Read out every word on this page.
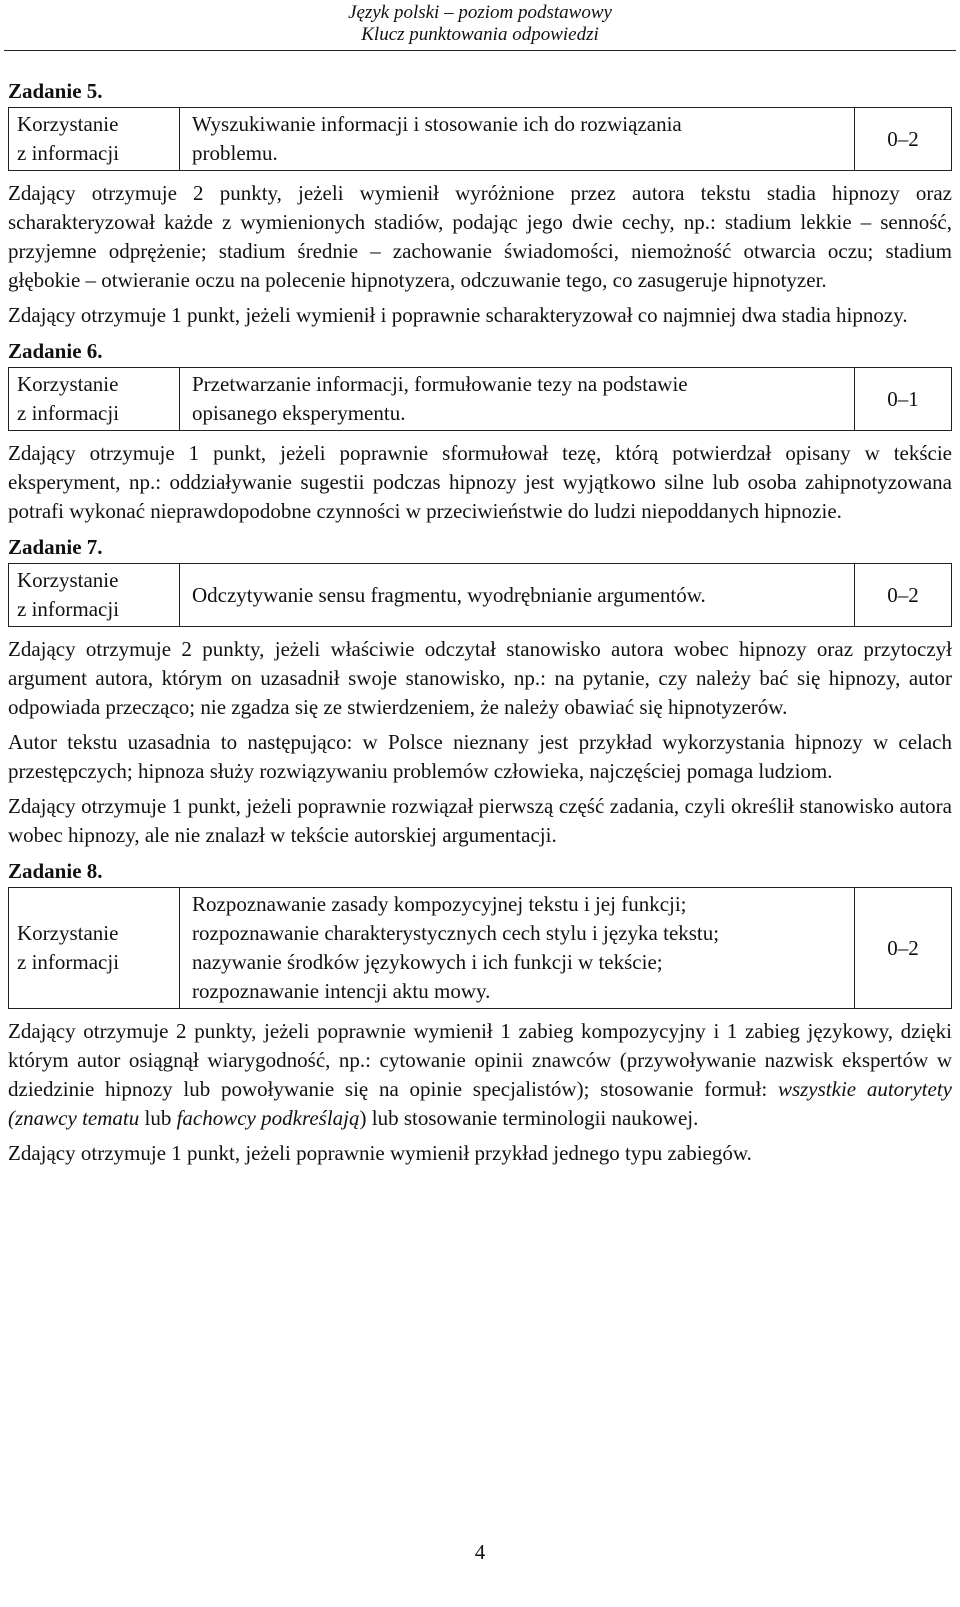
Język polski – poziom podstawowy
Klucz punktowania odpowiedzi
Zadanie 5.
Korzystanie
z informacji
Wyszukiwanie informacji i stosowanie ich do rozwiązania
problemu.
0–2

Zdający otrzymuje 2 punkty, jeżeli wymienił wyróżnione przez autora tekstu stadia hipnozy oraz scharakteryzował każde z wymienionych stadiów, podając jego dwie cechy, np.: stadium lekkie – senność, przyjemne odprężenie; stadium średnie – zachowanie świadomości, niemożność otwarcia oczu; stadium głębokie – otwieranie oczu na polecenie hipnotyzera, odczuwanie tego, co zasugeruje hipnotyzer.

Zdający otrzymuje 1 punkt, jeżeli wymienił i poprawnie scharakteryzował co najmniej dwa stadia hipnozy.

Zadanie 6.
Korzystanie
z informacji
Przetwarzanie informacji, formułowanie tezy na podstawie
opisanego eksperymentu.
0–1

Zdający otrzymuje 1 punkt, jeżeli poprawnie sformułował tezę, którą potwierdzał opisany w tekście eksperyment, np.: oddziaływanie sugestii podczas hipnozy jest wyjątkowo silne lub osoba zahipnotyzowana potrafi wykonać nieprawdopodobne czynności w przeciwieństwie do ludzi niepoddanych hipnozie.

Zadanie 7.
Korzystanie
z informacji
Odczytywanie sensu fragmentu, wyodrębnianie argumentów.	0–2

Zdający otrzymuje 2 punkty, jeżeli właściwie odczytał stanowisko autora wobec hipnozy oraz przytoczył argument autora, którym on uzasadnił swoje stanowisko, np.: na pytanie, czy należy bać się hipnozy, autor odpowiada przecząco; nie zgadza się ze stwierdzeniem, że należy obawiać się hipnotyzerów.

Autor tekstu uzasadnia to następująco: w Polsce nieznany jest przykład wykorzystania hipnozy w celach przestępczych; hipnoza służy rozwiązywaniu problemów człowieka, najczęściej pomaga ludziom.

Zdający otrzymuje 1 punkt, jeżeli poprawnie rozwiązał pierwszą część zadania, czyli określił stanowisko autora wobec hipnozy, ale nie znalazł w tekście autorskiej argumentacji.

Zadanie 8.
Korzystanie
z informacji
Rozpoznawanie zasady kompozycyjnej tekstu i jej funkcji;
rozpoznawanie charakterystycznych cech stylu i języka tekstu;
nazywanie środków językowych i ich funkcji w tekście;
rozpoznawanie intencji aktu mowy.
0–2

Zdający otrzymuje 2 punkty, jeżeli poprawnie wymienił 1 zabieg kompozycyjny i 1 zabieg językowy, dzięki którym autor osiągnął wiarygodność, np.: cytowanie opinii znawców (przywoływanie nazwisk ekspertów w dziedzinie hipnozy lub powoływanie się na opinie specjalistów); stosowanie formuł: wszystkie autorytety (znawcy tematu lub fachowcy podkreślają) lub stosowanie terminologii naukowej.

Zdający otrzymuje 1 punkt, jeżeli poprawnie wymienił przykład jednego typu zabiegów.

4
